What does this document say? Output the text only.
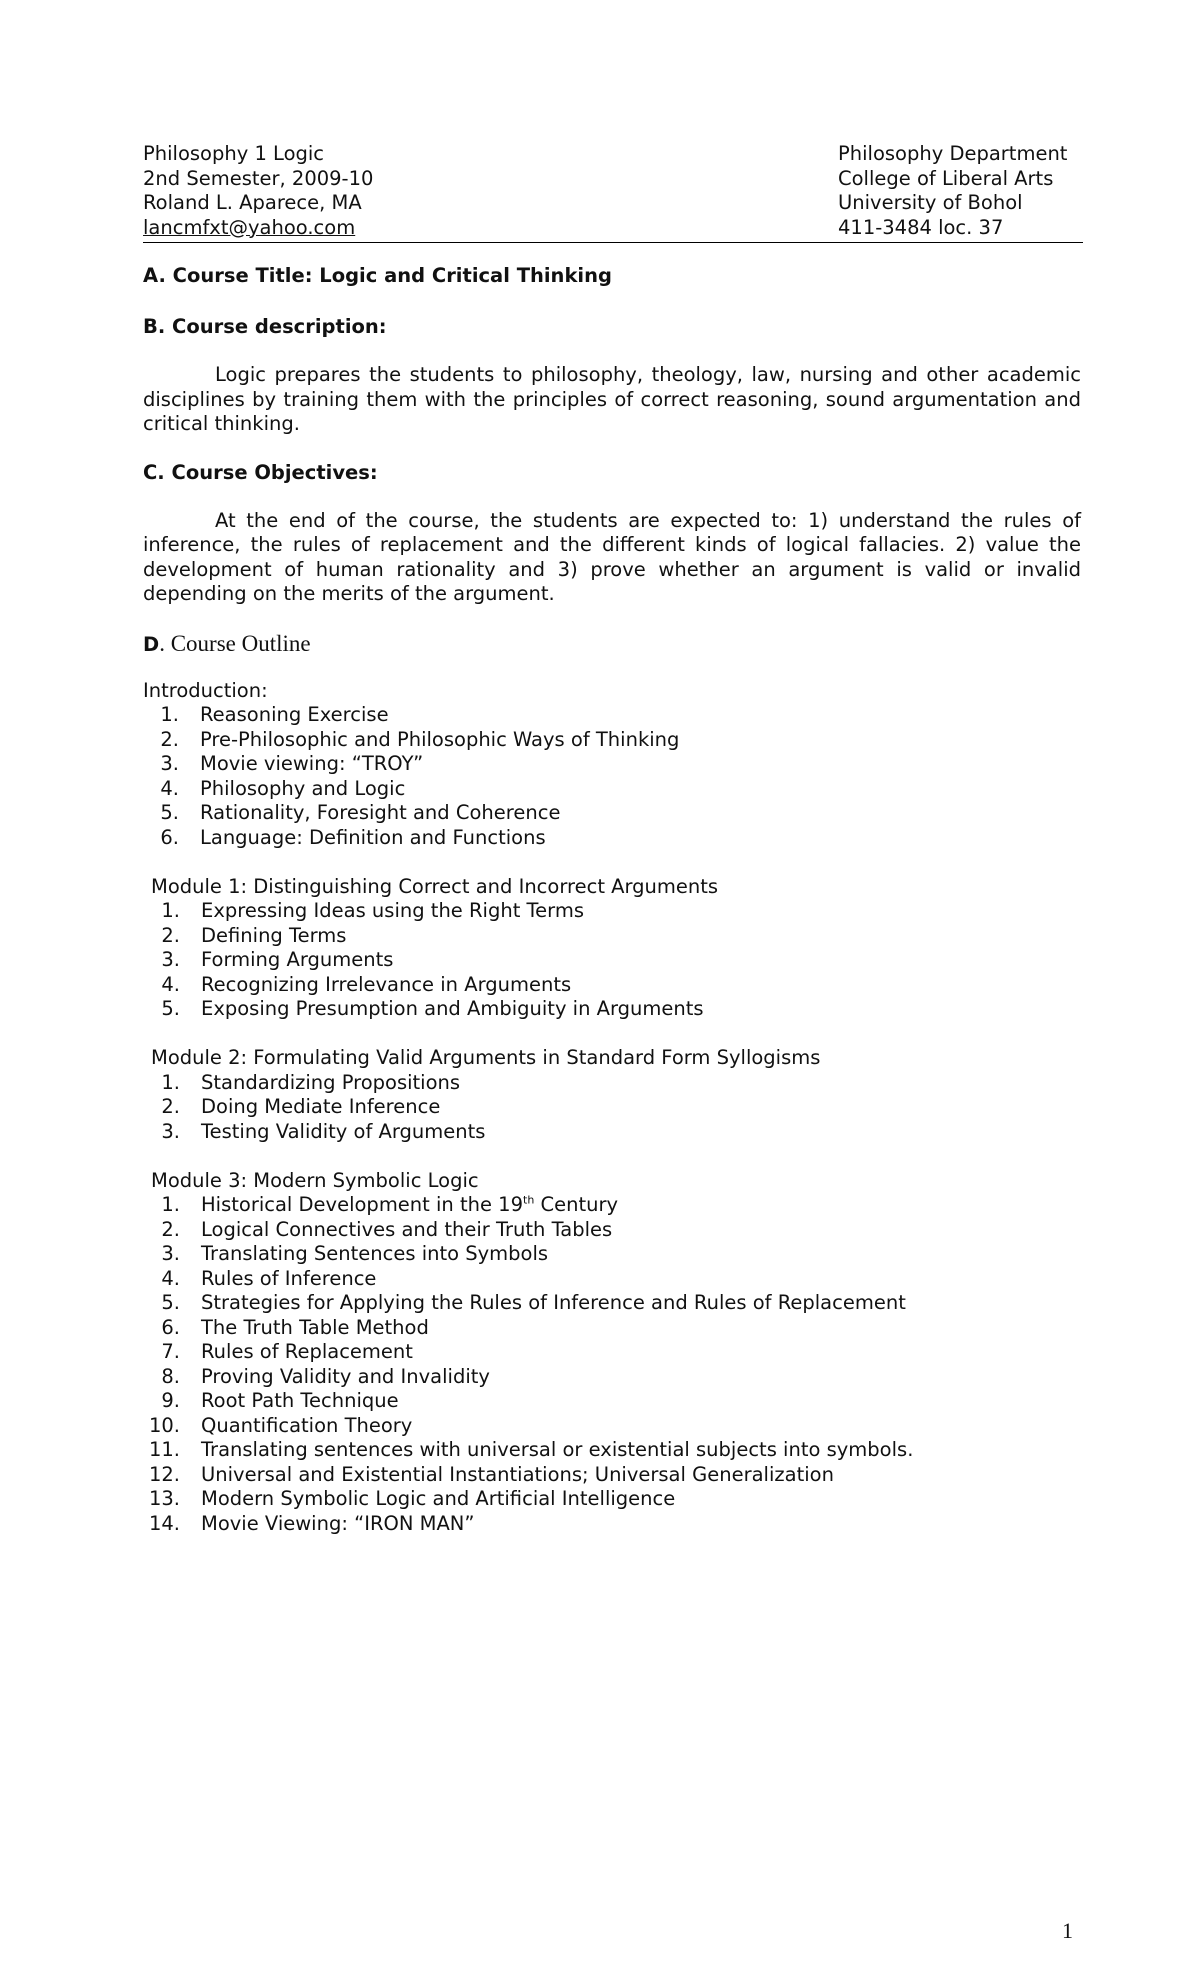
Philosophy 1 Logic
2nd Semester, 2009-10
Roland L. Aparece, MA
lancmfxt@yahoo.com
Philosophy Department
College of Liberal Arts
University of Bohol
411-3484 loc. 37

A. Course Title: Logic and Critical Thinking

B. Course description:

Logic prepares the students to philosophy, theology, law, nursing and other academic disciplines by training them with the principles of correct reasoning, sound argumentation and critical thinking.

C. Course Objectives:

At the end of the course, the students are expected to: 1) understand the rules of inference, the rules of replacement and the different kinds of logical fallacies. 2) value the development of human rationality and 3) prove whether an argument is valid or invalid depending on the merits of the argument.

D. Course Outline

Introduction:

1.	Reasoning Exercise
2.	Pre-Philosophic and Philosophic Ways of Thinking
3.	Movie viewing: “TROY”
4.	Philosophy and Logic
5.	Rationality, Foresight and Coherence
6.	Language: Definition and Functions

Module 1: Distinguishing Correct and Incorrect Arguments

1.	Expressing Ideas using the Right Terms
2.	Defining Terms
3.	Forming Arguments
4.	Recognizing Irrelevance in Arguments
5.	Exposing Presumption and Ambiguity in Arguments

Module 2: Formulating Valid Arguments in Standard Form Syllogisms

1.	Standardizing Propositions
2.	Doing Mediate Inference
3.	Testing Validity of Arguments

Module 3: Modern Symbolic Logic

1.	Historical Development in the 19th Century
2.	Logical Connectives and their Truth Tables
3.	Translating Sentences into Symbols
4.	Rules of Inference
5.	Strategies for Applying the Rules of Inference and Rules of Replacement
6.	The Truth Table Method
7.	Rules of Replacement
8.	Proving Validity and Invalidity
9.	Root Path Technique
10.	Quantification Theory
11.	Translating sentences with universal or existential subjects into symbols.
12.	Universal and Existential Instantiations; Universal Generalization
13.	Modern Symbolic Logic and Artificial Intelligence
14.	Movie Viewing: “IRON MAN”
1
